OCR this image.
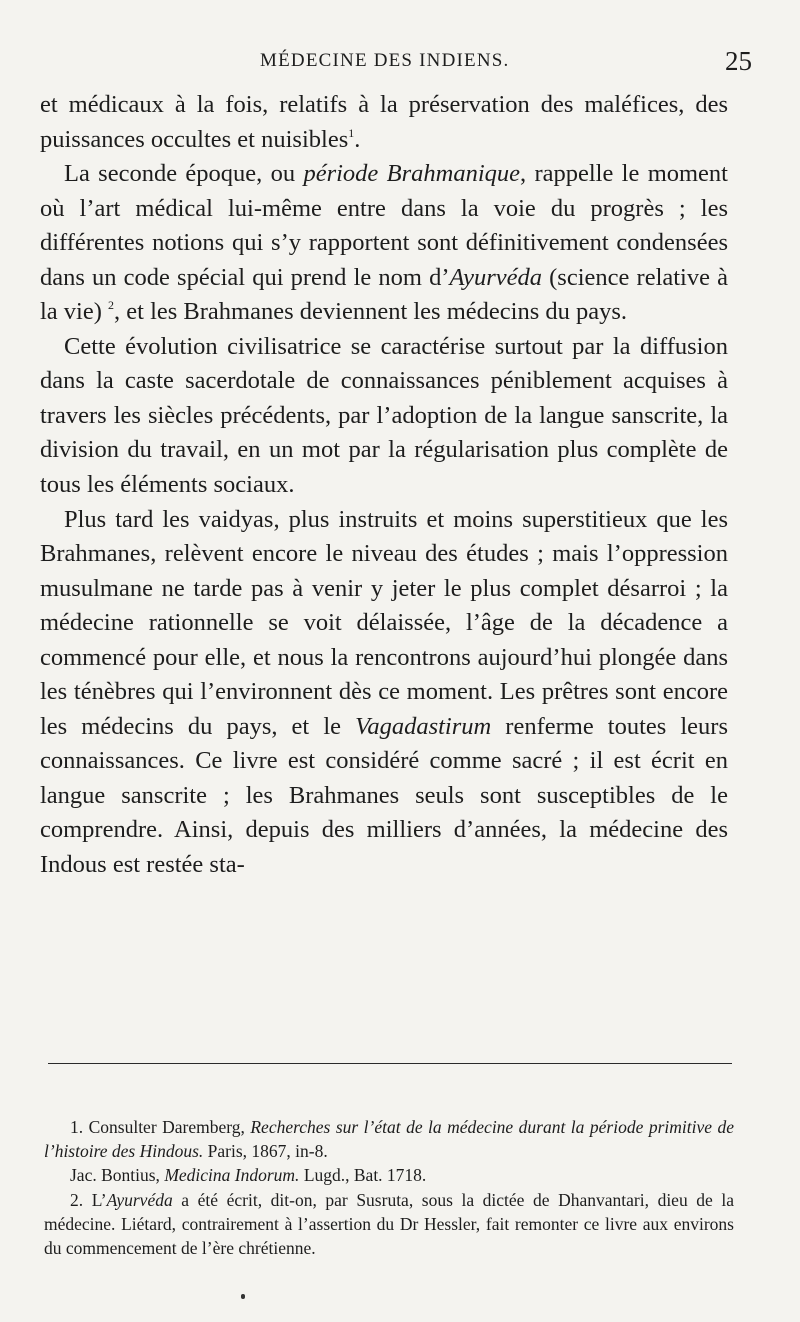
MÉDECINE DES INDIENS.	25

et médicaux à la fois, relatifs à la préservation des maléfices, des puissances occultes et nuisibles$^1$.

La seconde époque, ou période Brahmanique, rappelle le moment où l’art médical lui-même entre dans la voie du progrès ; les différentes notions qui s’y rapportent sont définitivement condensées dans un code spécial qui prend le nom d’Ayurvéda (science relative à la vie) $^2$, et les Brahmanes deviennent les médecins du pays.

Cette évolution civilisatrice se caractérise surtout par la diffusion dans la caste sacerdotale de connaissances péniblement acquises à travers les siècles précédents, par l’adoption de la langue sanscrite, la division du travail, en un mot par la régularisation plus complète de tous les éléments sociaux.

Plus tard les vaidyas, plus instruits et moins superstitieux que les Brahmanes, relèvent encore le niveau des études ; mais l’oppression musulmane ne tarde pas à venir y jeter le plus complet désarroi ; la médecine rationnelle se voit délaissée, l’âge de la décadence a commencé pour elle, et nous la rencontrons aujourd’hui plongée dans les ténèbres qui l’environnent dès ce moment. Les prêtres sont encore les médecins du pays, et le Vagadastirum renferme toutes leurs connaissances. Ce livre est considéré comme sacré ; il est écrit en langue sanscrite ; les Brahmanes seuls sont susceptibles de le comprendre. Ainsi, depuis des milliers d’années, la médecine des Indous est restée sta-

1. Consulter Daremberg, Recherches sur l’état de la médecine durant la période primitive de l’histoire des Hindous. Paris, 1867, in-8.

Jac. Bontius, Medicina Indorum. Lugd., Bat. 1718.

2. L’Ayurvéda a été écrit, dit-on, par Susruta, sous la dictée de Dhanvantari, dieu de la médecine. Liétard, contrairement à l’assertion du Dr Hessler, fait remonter ce livre aux environs du commencement de l’ère chrétienne.
